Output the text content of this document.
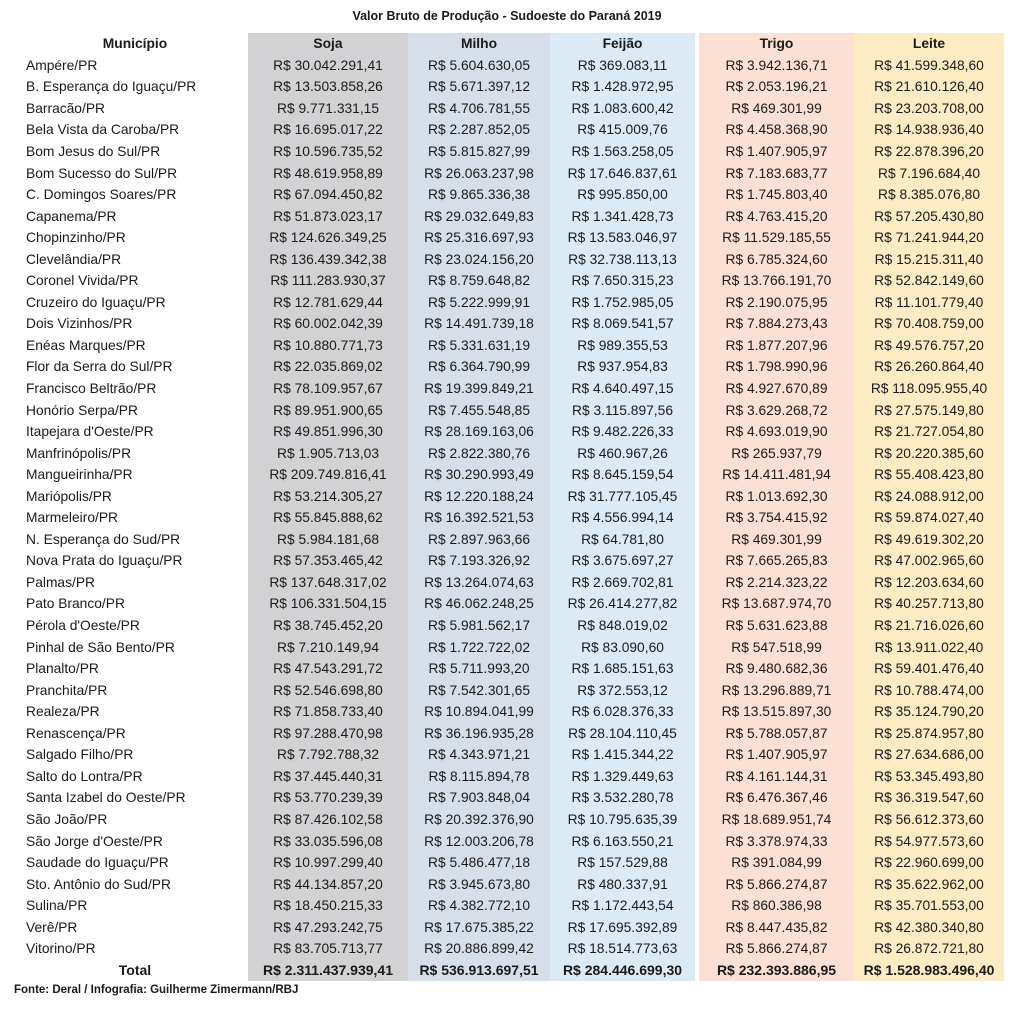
Valor Bruto de Produção - Sudoeste do Paraná 2019
Município	Soja	Milho	Feijão		Trigo	Leite
Ampére/PR	R$ 30.042.291,41	R$ 5.604.630,05	R$ 369.083,11		R$ 3.942.136,71	R$ 41.599.348,60
B. Esperança do Iguaçu/PR	R$ 13.503.858,26	R$ 5.671.397,12	R$ 1.428.972,95		R$ 2.053.196,21	R$ 21.610.126,40
Barracão/PR	R$ 9.771.331,15	R$ 4.706.781,55	R$ 1.083.600,42		R$ 469.301,99	R$ 23.203.708,00
Bela Vista da Caroba/PR	R$ 16.695.017,22	R$ 2.287.852,05	R$ 415.009,76		R$ 4.458.368,90	R$ 14.938.936,40
Bom Jesus do Sul/PR	R$ 10.596.735,52	R$ 5.815.827,99	R$ 1.563.258,05		R$ 1.407.905,97	R$ 22.878.396,20
Bom Sucesso do Sul/PR	R$ 48.619.958,89	R$ 26.063.237,98	R$ 17.646.837,61		R$ 7.183.683,77	R$ 7.196.684,40
C. Domingos Soares/PR	R$ 67.094.450,82	R$ 9.865.336,38	R$ 995.850,00		R$ 1.745.803,40	R$ 8.385.076,80
Capanema/PR	R$ 51.873.023,17	R$ 29.032.649,83	R$ 1.341.428,73		R$ 4.763.415,20	R$ 57.205.430,80
Chopinzinho/PR	R$ 124.626.349,25	R$ 25.316.697,93	R$ 13.583.046,97		R$ 11.529.185,55	R$ 71.241.944,20
Clevelândia/PR	R$ 136.439.342,38	R$ 23.024.156,20	R$ 32.738.113,13		R$ 6.785.324,60	R$ 15.215.311,40
Coronel Vivida/PR	R$ 111.283.930,37	R$ 8.759.648,82	R$ 7.650.315,23		R$ 13.766.191,70	R$ 52.842.149,60
Cruzeiro do Iguaçu/PR	R$ 12.781.629,44	R$ 5.222.999,91	R$ 1.752.985,05		R$ 2.190.075,95	R$ 11.101.779,40
Dois Vizinhos/PR	R$ 60.002.042,39	R$ 14.491.739,18	R$ 8.069.541,57		R$ 7.884.273,43	R$ 70.408.759,00
Enéas Marques/PR	R$ 10.880.771,73	R$ 5.331.631,19	R$ 989.355,53		R$ 1.877.207,96	R$ 49.576.757,20
Flor da Serra do Sul/PR	R$ 22.035.869,02	R$ 6.364.790,99	R$ 937.954,83		R$ 1.798.990,96	R$ 26.260.864,40
Francisco Beltrão/PR	R$ 78.109.957,67	R$ 19.399.849,21	R$ 4.640.497,15		R$ 4.927.670,89	R$ 118.095.955,40
Honório Serpa/PR	R$ 89.951.900,65	R$ 7.455.548,85	R$ 3.115.897,56		R$ 3.629.268,72	R$ 27.575.149,80
Itapejara d'Oeste/PR	R$ 49.851.996,30	R$ 28.169.163,06	R$ 9.482.226,33		R$ 4.693.019,90	R$ 21.727.054,80
Manfrinópolis/PR	R$ 1.905.713,03	R$ 2.822.380,76	R$ 460.967,26		R$ 265.937,79	R$ 20.220.385,60
Mangueirinha/PR	R$ 209.749.816,41	R$ 30.290.993,49	R$ 8.645.159,54		R$ 14.411.481,94	R$ 55.408.423,80
Mariópolis/PR	R$ 53.214.305,27	R$ 12.220.188,24	R$ 31.777.105,45		R$ 1.013.692,30	R$ 24.088.912,00
Marmeleiro/PR	R$ 55.845.888,62	R$ 16.392.521,53	R$ 4.556.994,14		R$ 3.754.415,92	R$ 59.874.027,40
N. Esperança do Sud/PR	R$ 5.984.181,68	R$ 2.897.963,66	R$ 64.781,80		R$ 469.301,99	R$ 49.619.302,20
Nova Prata do Iguaçu/PR	R$ 57.353.465,42	R$ 7.193.326,92	R$ 3.675.697,27		R$ 7.665.265,83	R$ 47.002.965,60
Palmas/PR	R$ 137.648.317,02	R$ 13.264.074,63	R$ 2.669.702,81		R$ 2.214.323,22	R$ 12.203.634,60
Pato Branco/PR	R$ 106.331.504,15	R$ 46.062.248,25	R$ 26.414.277,82		R$ 13.687.974,70	R$ 40.257.713,80
Pérola d'Oeste/PR	R$ 38.745.452,20	R$ 5.981.562,17	R$ 848.019,02		R$ 5.631.623,88	R$ 21.716.026,60
Pinhal de São Bento/PR	R$ 7.210.149,94	R$ 1.722.722,02	R$ 83.090,60		R$ 547.518,99	R$ 13.911.022,40
Planalto/PR	R$ 47.543.291,72	R$ 5.711.993,20	R$ 1.685.151,63		R$ 9.480.682,36	R$ 59.401.476,40
Pranchita/PR	R$ 52.546.698,80	R$ 7.542.301,65	R$ 372.553,12		R$ 13.296.889,71	R$ 10.788.474,00
Realeza/PR	R$ 71.858.733,40	R$ 10.894.041,99	R$ 6.028.376,33		R$ 13.515.897,30	R$ 35.124.790,20
Renascença/PR	R$ 97.288.470,98	R$ 36.196.935,28	R$ 28.104.110,45		R$ 5.788.057,87	R$ 25.874.957,80
Salgado Filho/PR	R$ 7.792.788,32	R$ 4.343.971,21	R$ 1.415.344,22		R$ 1.407.905,97	R$ 27.634.686,00
Salto do Lontra/PR	R$ 37.445.440,31	R$ 8.115.894,78	R$ 1.329.449,63		R$ 4.161.144,31	R$ 53.345.493,80
Santa Izabel do Oeste/PR	R$ 53.770.239,39	R$ 7.903.848,04	R$ 3.532.280,78		R$ 6.476.367,46	R$ 36.319.547,60
São João/PR	R$ 87.426.102,58	R$ 20.392.376,90	R$ 10.795.635,39		R$ 18.689.951,74	R$ 56.612.373,60
São Jorge d'Oeste/PR	R$ 33.035.596,08	R$ 12.003.206,78	R$ 6.163.550,21		R$ 3.378.974,33	R$ 54.977.573,60
Saudade do Iguaçu/PR	R$ 10.997.299,40	R$ 5.486.477,18	R$ 157.529,88		R$ 391.084,99	R$ 22.960.699,00
Sto. Antônio do Sud/PR	R$ 44.134.857,20	R$ 3.945.673,80	R$ 480.337,91		R$ 5.866.274,87	R$ 35.622.962,00
Sulina/PR	R$ 18.450.215,33	R$ 4.382.772,10	R$ 1.172.443,54		R$ 860.386,98	R$ 35.701.553,00
Verê/PR	R$ 47.293.242,75	R$ 17.675.385,22	R$ 17.695.392,89		R$ 8.447.435,82	R$ 42.380.340,80
Vitorino/PR	R$ 83.705.713,77	R$ 20.886.899,42	R$ 18.514.773,63		R$ 5.866.274,87	R$ 26.872.721,80
Total	R$ 2.311.437.939,41	R$ 536.913.697,51	R$ 284.446.699,30		R$ 232.393.886,95	R$ 1.528.983.496,40
Fonte: Deral / Infografia: Guilherme Zimermann/RBJ
